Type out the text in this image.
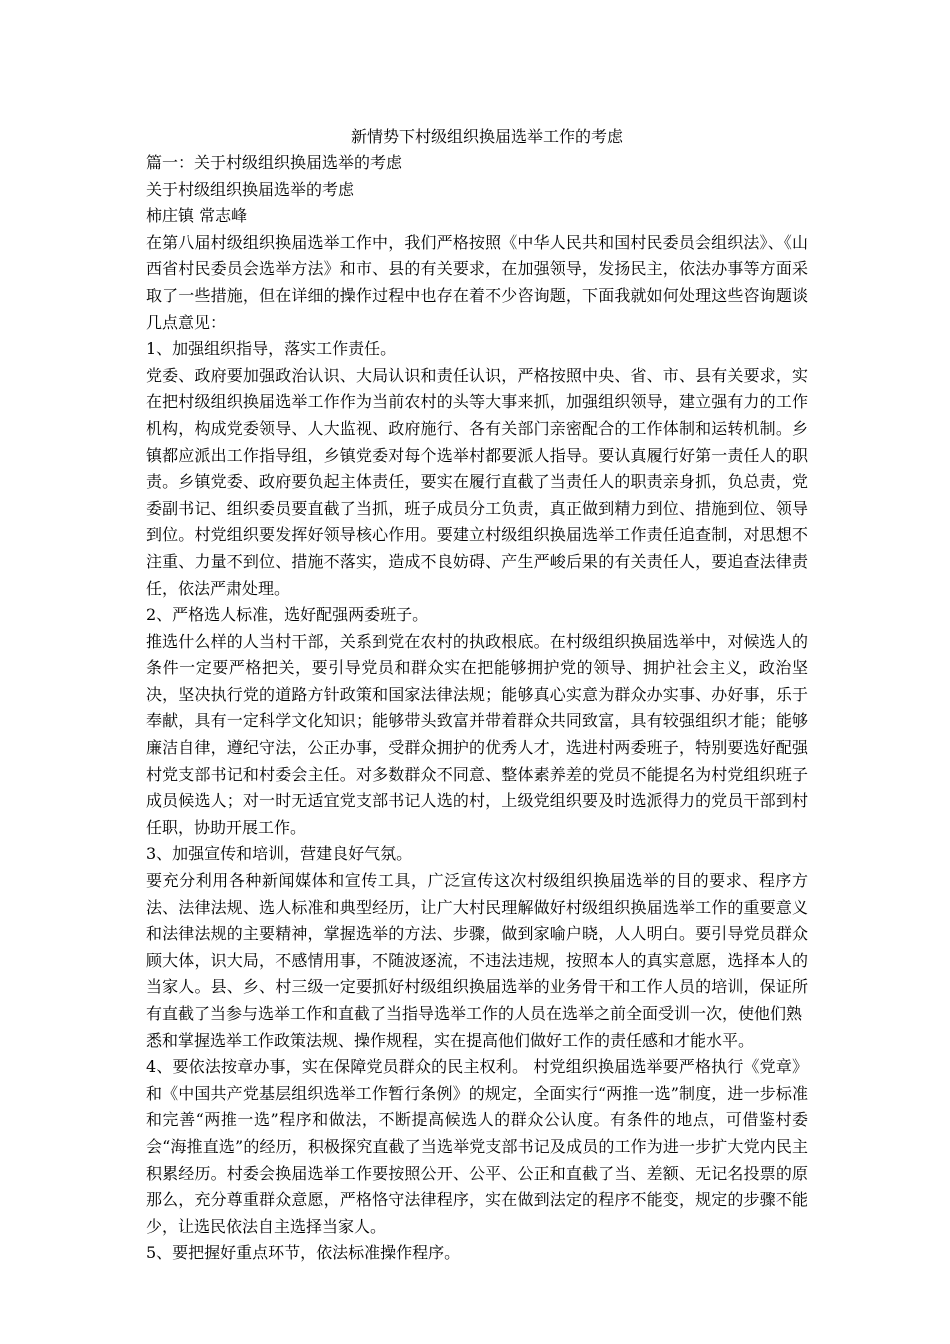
新情势下村级组织换届选举工作的考虑

篇一：关于村级组织换届选举的考虑

关于村级组织换届选举的考虑

柿庄镇 常志峰

在第八届村级组织换届选举工作中，我们严格按照《中华人民共和国村民委员会组织法》、《山西省村民委员会选举方法》和市、县的有关要求，在加强领导，发扬民主，依法办事等方面采取了一些措施，但在详细的操作过程中也存在着不少咨询题，下面我就如何处理这些咨询题谈几点意见：

1、加强组织指导，落实工作责任。

党委、政府要加强政治认识、大局认识和责任认识，严格按照中央、省、市、县有关要求，实在把村级组织换届选举工作作为当前农村的头等大事来抓，加强组织领导，建立强有力的工作机构，构成党委领导、人大监视、政府施行、各有关部门亲密配合的工作体制和运转机制。乡镇都应派出工作指导组，乡镇党委对每个选举村都要派人指导。要认真履行好第一责任人的职责。乡镇党委、政府要负起主体责任，要实在履行直截了当责任人的职责亲身抓，负总责，党委副书记、组织委员要直截了当抓，班子成员分工负责，真正做到精力到位、措施到位、领导到位。村党组织要发挥好领导核心作用。要建立村级组织换届选举工作责任追查制，对思想不注重、力量不到位、措施不落实，造成不良妨碍、产生严峻后果的有关责任人，要追查法律责任，依法严肃处理。

2、严格选人标准，选好配强两委班子。

推选什么样的人当村干部，关系到党在农村的执政根底。在村级组织换届选举中，对候选人的条件一定要严格把关，要引导党员和群众实在把能够拥护党的领导、拥护社会主义，政治坚决，坚决执行党的道路方针政策和国家法律法规；能够真心实意为群众办实事、办好事，乐于奉献，具有一定科学文化知识；能够带头致富并带着群众共同致富，具有较强组织才能；能够廉洁自律，遵纪守法，公正办事，受群众拥护的优秀人才，选进村两委班子，特别要选好配强村党支部书记和村委会主任。对多数群众不同意、整体素养差的党员不能提名为村党组织班子成员候选人；对一时无适宜党支部书记人选的村，上级党组织要及时选派得力的党员干部到村任职，协助开展工作。

3、加强宣传和培训，营建良好气氛。

要充分利用各种新闻媒体和宣传工具，广泛宣传这次村级组织换届选举的目的要求、程序方法、法律法规、选人标准和典型经历，让广大村民理解做好村级组织换届选举工作的重要意义和法律法规的主要精神，掌握选举的方法、步骤，做到家喻户晓，人人明白。要引导党员群众顾大体，识大局，不感情用事，不随波逐流，不违法违规，按照本人的真实意愿，选择本人的当家人。县、乡、村三级一定要抓好村级组织换届选举的业务骨干和工作人员的培训，保证所有直截了当参与选举工作和直截了当指导选举工作的人员在选举之前全面受训一次，使他们熟

悉和掌握选举工作政策法规、操作规程，实在提高他们做好工作的责任感和才能水平。

4、要依法按章办事，实在保障党员群众的民主权利。 村党组织换届选举要严格执行《党章》和《中国共产党基层组织选举工作暂行条例》的规定，全面实行“两推一选”制度，进一步标准和完善“两推一选”程序和做法，不断提高候选人的群众公认度。有条件的地点，可借鉴村委会“海推直选”的经历，积极探究直截了当选举党支部书记及成员的工作为进一步扩大党内民主积累经历。村委会换届选举工作要按照公开、公平、公正和直截了当、差额、无记名投票的原那么，充分尊重群众意愿，严格恪守法律程序，实在做到法定的程序不能变，规定的步骤不能少，让选民依法自主选择当家人。

5、要把握好重点环节，依法标准操作程序。
